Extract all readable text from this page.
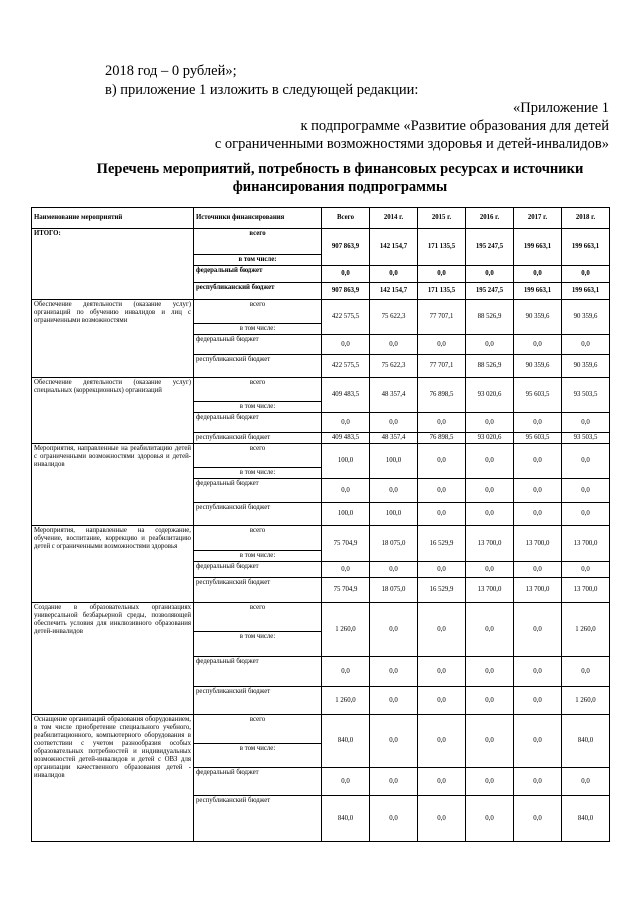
2018 год – 0 рублей»;
в) приложение 1 изложить в следующей редакции:
«Приложение 1
к подпрограмме «Развитие образования для детей
с ограниченными возможностями здоровья и детей-инвалидов»
Перечень мероприятий, потребность в финансовых ресурсах и источники
финансирования подпрограммы
Наименование мероприятий	Источники финансирования	Всего	2014 г.	2015 г.	2016 г.	2017 г.	2018 г.
ИТОГО:	всего	907 863,9	142 154,7	171 135,5	195 247,5	199 663,1	199 663,1
	в том числе:						
	федеральный бюджет	0,0	0,0	0,0	0,0	0,0	0,0
	республиканский бюджет	907 863,9	142 154,7	171 135,5	195 247,5	199 663,1	199 663,1
Обеспечение деятельности (оказание услуг) организаций по обучению инвалидов и лиц с ограниченными возможностями	всего	422 575,5	75 622,3	77 707,1	88 526,9	90 359,6	90 359,6
	в том числе:						
	федеральный бюджет	0,0	0,0	0,0	0,0	0,0	0,0
	республиканский бюджет	422 575,5	75 622,3	77 707,1	88 526,9	90 359,6	90 359,6
Обеспечение деятельности (оказание услуг) специальных (коррекционных) организаций	всего	409 483,5	48 357,4	76 898,5	93 020,6	95 603,5	93 503,5
	в том числе:						
	федеральный бюджет	0,0	0,0	0,0	0,0	0,0	0,0
	республиканский бюджет	409 483,5	48 357,4	76 898,5	93 020,6	95 603,5	93 503,5
Мероприятия, направленные на реабилитацию детей с ограниченными возможностями здоровья и детей-инвалидов	всего	100,0	100,0	0,0	0,0	0,0	0,0
	в том числе:						
	федеральный бюджет	0,0	0,0	0,0	0,0	0,0	0,0
	республиканский бюджет	100,0	100,0	0,0	0,0	0,0	0,0
Мероприятия, направленные на содержание, обучение, воспитание, коррекцию и реабилитацию детей с ограниченными возможностями здоровья	всего	75 704,9	18 075,0	16 529,9	13 700,0	13 700,0	13 700,0
	в том числе:						
	федеральный бюджет	0,0	0,0	0,0	0,0	0,0	0,0
	республиканский бюджет	75 704,9	18 075,0	16 529,9	13 700,0	13 700,0	13 700,0
Создание в образовательных организациях универсальной безбарьерной среды, позволяющей обеспечить условия для инклюзивного образования детей-инвалидов	всего	1 260,0	0,0	0,0	0,0	0,0	1 260,0
	в том числе:						
	федеральный бюджет	0,0	0,0	0,0	0,0	0,0	0,0
	республиканский бюджет	1 260,0	0,0	0,0	0,0	0,0	1 260,0
Оснащение организаций образования оборудованием, в том числе приобретение специального учебного, реабилитационного, компьютерного оборудования в соответствии с учетом разнообразия особых образовательных потребностей и индивидуальных возможностей детей-инвалидов и детей с ОВЗ для организации качественного образования детей - инвалидов	всего	840,0	0,0	0,0	0,0	0,0	840,0
	в том числе:						
	федеральный бюджет	0,0	0,0	0,0	0,0	0,0	0,0
	республиканский бюджет	840,0	0,0	0,0	0,0	0,0	840,0
